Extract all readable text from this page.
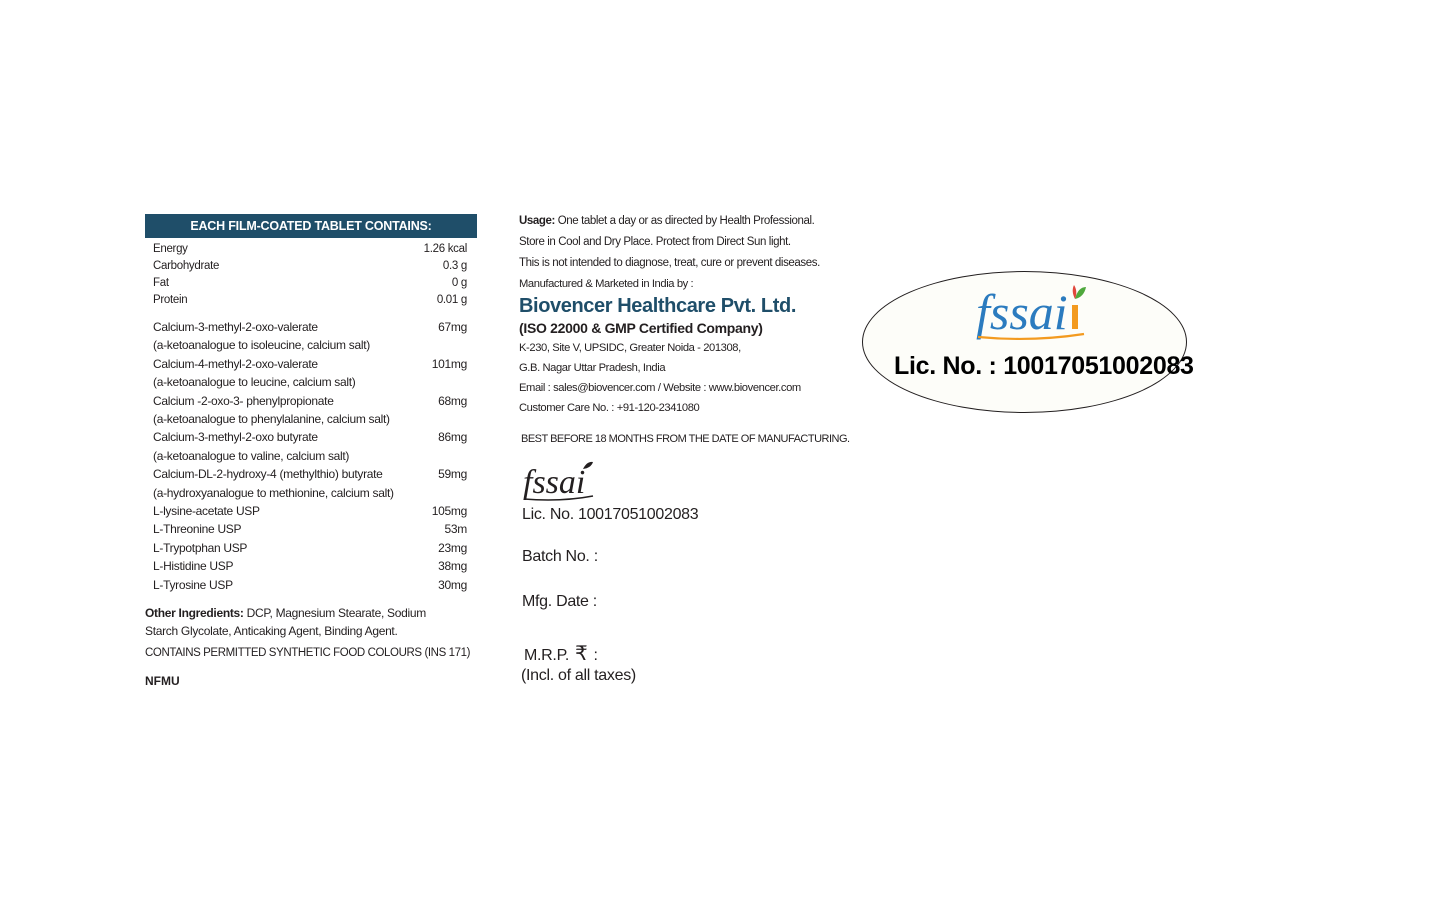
EACH FILM-COATED TABLET CONTAINS:
Energy	1.26 kcal
Carbohydrate	0.3 g
Fat	0 g
Protein	0.01 g
Calcium-3-methyl-2-oxo-valerate	67mg
(a-ketoanalogue to isoleucine, calcium salt)
Calcium-4-methyl-2-oxo-valerate	101mg
(a-ketoanalogue to leucine, calcium salt)
Calcium -2-oxo-3- phenylpropionate	68mg
(a-ketoanalogue to phenylalanine, calcium salt)
Calcium-3-methyl-2-oxo butyrate	86mg
(a-ketoanalogue to valine, calcium salt)
Calcium-DL-2-hydroxy-4 (methylthio) butyrate	59mg
(a-hydroxyanalogue to methionine, calcium salt)
L-lysine-acetate USP	105mg
L-Threonine USP	53m
L-Trypotphan USP	23mg
L-Histidine USP	38mg
L-Tyrosine USP	30mg
Other Ingredients: DCP, Magnesium Stearate, Sodium Starch Glycolate, Anticaking Agent, Binding Agent.
CONTAINS PERMITTED SYNTHETIC FOOD COLOURS (INS 171)
NFMU
Usage: One tablet a day or as directed by Health Professional.
Store in Cool and Dry Place. Protect from Direct Sun light.
This is not intended to diagnose, treat, cure or prevent diseases.
Manufactured & Marketed in India by :
Biovencer Healthcare Pvt. Ltd.
(ISO 22000 & GMP Certified Company)
K-230, Site V, UPSIDC, Greater Noida - 201308,
G.B. Nagar Uttar Pradesh, India
Email : sales@biovencer.com / Website : www.biovencer.com
Customer Care No. : +91-120-2341080
BEST BEFORE 18 MONTHS FROM THE DATE OF MANUFACTURING.
fssai
Lic. No. 10017051002083
Batch No. :
Mfg. Date :
M.R.P. ₹ :
(Incl. of all taxes)
fssai
Lic. No. : 10017051002083
